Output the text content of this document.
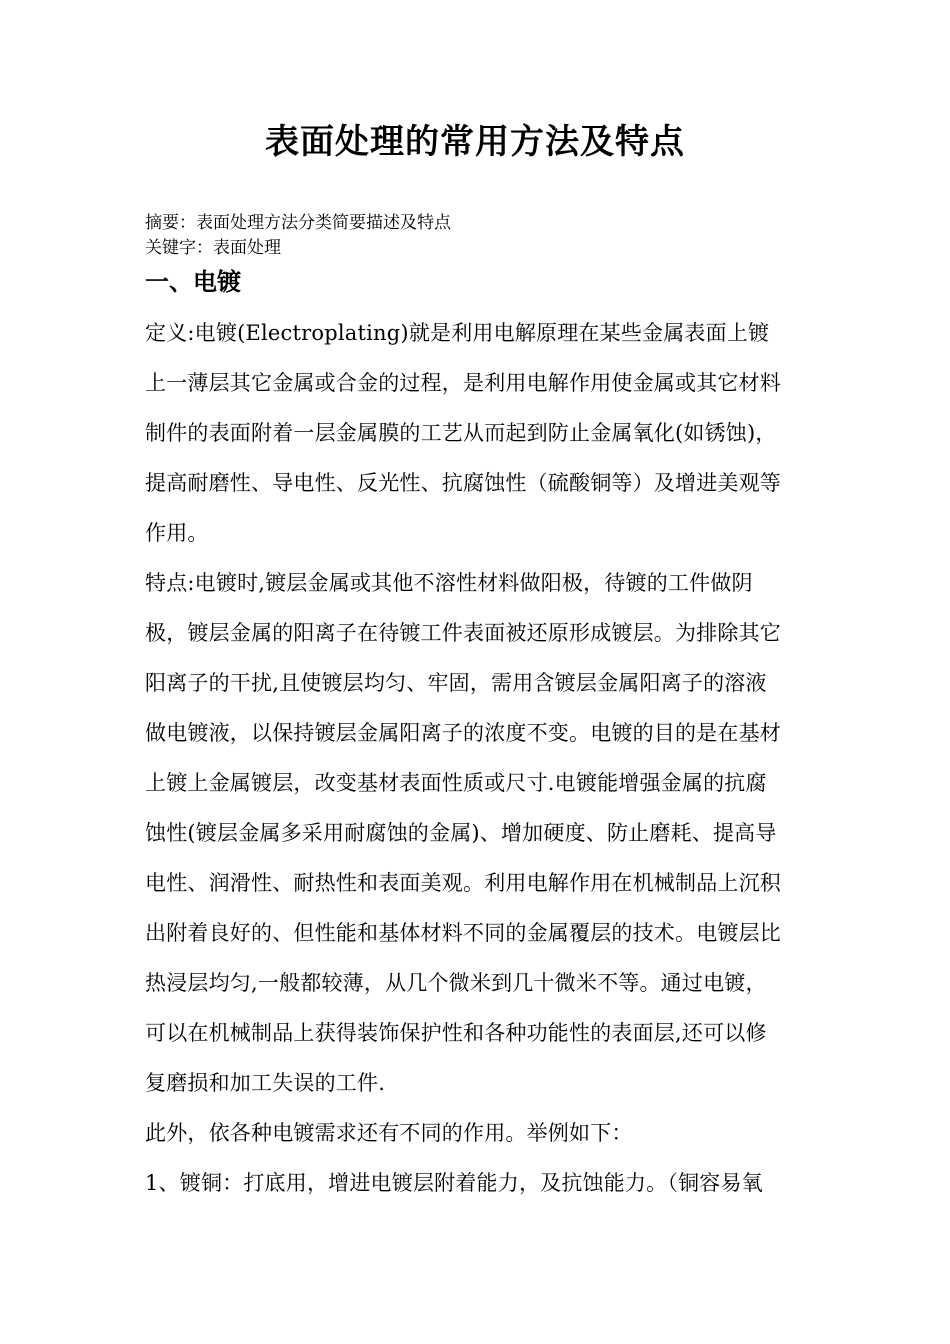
表面处理的常用方法及特点
摘要：表面处理方法分类简要描述及特点
关键字：表面处理
一、电镀
定义:电镀(Electroplating)就是利用电解原理在某些金属表面上镀
上一薄层其它金属或合金的过程，是利用电解作用使金属或其它材料
制件的表面附着一层金属膜的工艺从而起到防止金属氧化(如锈蚀)，
提高耐磨性、导电性、反光性、抗腐蚀性（硫酸铜等）及增进美观等
作用。
特点:电镀时,镀层金属或其他不溶性材料做阳极，待镀的工件做阴
极，镀层金属的阳离子在待镀工件表面被还原形成镀层。为排除其它
阳离子的干扰,且使镀层均匀、牢固，需用含镀层金属阳离子的溶液
做电镀液，以保持镀层金属阳离子的浓度不变。电镀的目的是在基材
上镀上金属镀层，改变基材表面性质或尺寸.电镀能增强金属的抗腐
蚀性(镀层金属多采用耐腐蚀的金属)、增加硬度、防止磨耗、提高导
电性、润滑性、耐热性和表面美观。利用电解作用在机械制品上沉积
出附着良好的、但性能和基体材料不同的金属覆层的技术。电镀层比
热浸层均匀,一般都较薄，从几个微米到几十微米不等。通过电镀，
可以在机械制品上获得装饰保护性和各种功能性的表面层,还可以修
复磨损和加工失误的工件.
此外，依各种电镀需求还有不同的作用。举例如下：
1、镀铜：打底用，增进电镀层附着能力，及抗蚀能力。（铜容易氧
